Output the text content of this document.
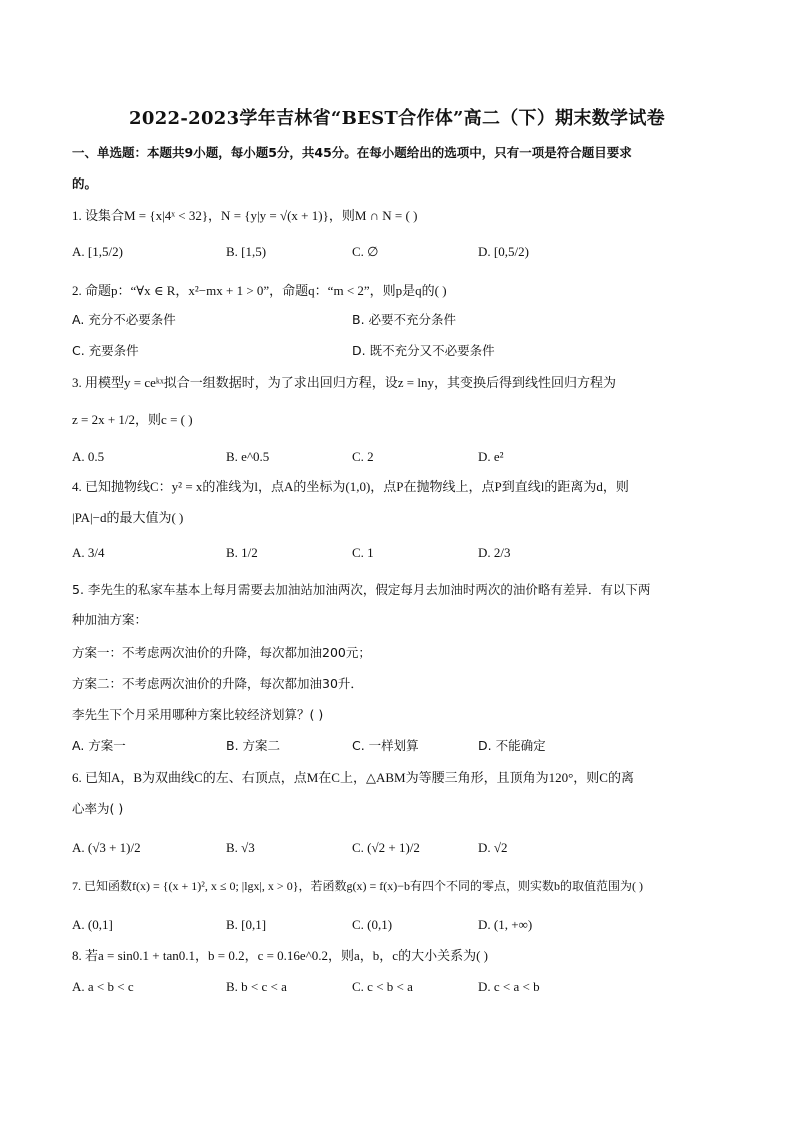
2022-2023学年吉林省“BEST合作体”高二（下）期末数学试卷
一、单选题：本题共9小题，每小题5分，共45分。在每小题给出的选项中，只有一项是符合题目要求
的。
1. 设集合M = {x|4ˣ < 32}，N = {y|y = √(x + 1)}，则M ∩ N = ( )
A. [1,5/2)	B. [1,5)	C. ∅	D. [0,5/2)
2. 命题p：“∀x ∈ R，x²−mx + 1 > 0”，命题q：“m < 2”，则p是q的( )
A. 充分不必要条件	B. 必要不充分条件
C. 充要条件	D. 既不充分又不必要条件
3. 用模型y = ceᵏˣ拟合一组数据时，为了求出回归方程，设z = lny，其变换后得到线性回归方程为
z = 2x + 1/2，则c = ( )
A. 0.5	B. e^0.5	C. 2	D. e²
4. 已知抛物线C：y² = x的准线为l，点A的坐标为(1,0)，点P在抛物线上，点P到直线l的距离为d，则
|PA|−d的最大值为( )
A. 3/4	B. 1/2	C. 1	D. 2/3
5. 李先生的私家车基本上每月需要去加油站加油两次，假定每月去加油时两次的油价略有差异．有以下两
种加油方案：
方案一：不考虑两次油价的升降，每次都加油200元；
方案二：不考虑两次油价的升降，每次都加油30升．
李先生下个月采用哪种方案比较经济划算？( )
A. 方案一	B. 方案二	C. 一样划算	D. 不能确定
6. 已知A，B为双曲线C的左、右顶点，点M在C上，△ABM为等腰三角形，且顶角为120°，则C的离
心率为( )
A. (√3 + 1)/2	B. √3	C. (√2 + 1)/2	D. √2
7. 已知函数f(x) = {(x + 1)², x ≤ 0; |lgx|, x > 0}，若函数g(x) = f(x)−b有四个不同的零点，则实数b的取值范围为( )
A. (0,1]	B. [0,1]	C. (0,1)	D. (1, +∞)
8. 若a = sin0.1 + tan0.1，b = 0.2，c = 0.16e^0.2，则a，b，c的大小关系为( )
A. a < b < c	B. b < c < a	C. c < b < a	D. c < a < b
